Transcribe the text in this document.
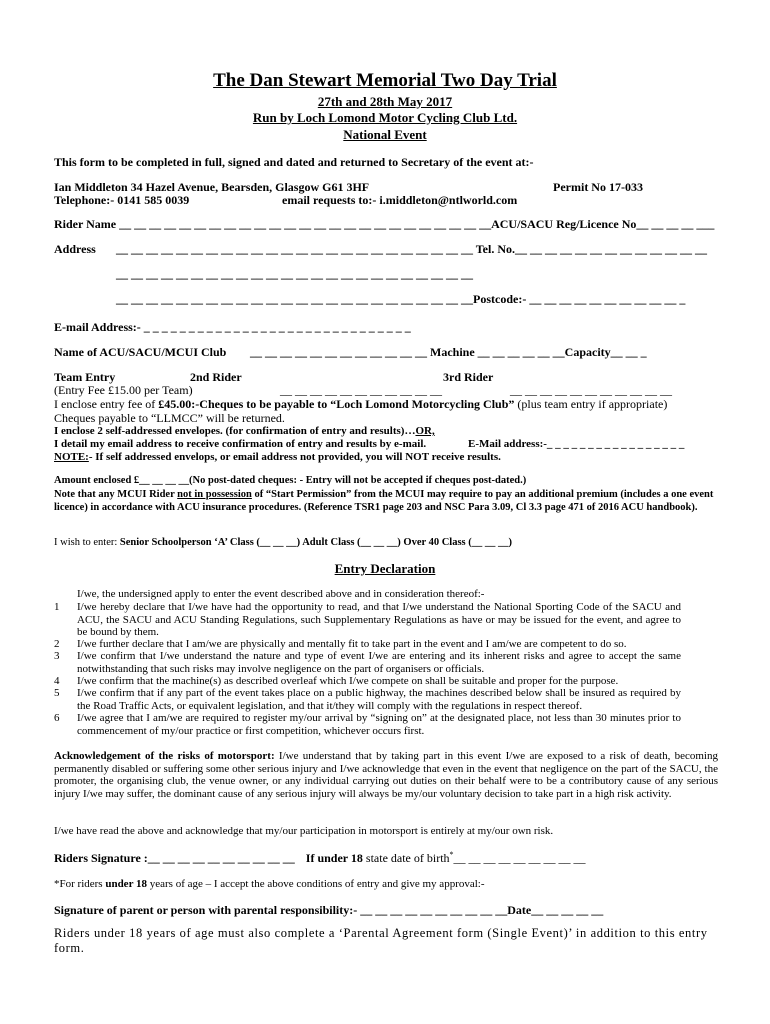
The Dan Stewart Memorial Two Day Trial
27th and 28th May 2017
Run by Loch Lomond Motor Cycling Club Ltd.
National Event
This form to be completed in full, signed and dated and returned to Secretary of the event at:-
Ian Middleton 34 Hazel Avenue, Bearsden, Glasgow G61 3HF	Permit No 17-033
Telephone:- 0141 585 0039	email requests to:- i.middleton@ntlworld.com
Rider Name __ __ __ __ __ __ __ __ __ __ __ __ __ __ __ __ __ __ __ __ __ __ __ __ __ACU/SACU Reg/Licence No__ __ __ __ ___
Address __ __ __ __ __ __ __ __ __ __ __ __ __ __ __ __ __ __ __ __ __ __ __ __ Tel. No.__ __ __ __ __ __ __ __ __ __ __ __ __
__ __ __ __ __ __ __ __ __ __ __ __ __ __ __ __ __ __ __ __ __ __ __ __
__ __ __ __ __ __ __ __ __ __ __ __ __ __ __ __ __ __ __ __ __ __ __ __Postcode:- __ __ __ __ __ __ __ __ __ __ _
E-mail Address:- _ _ _ _ _ _ _ _ _ _ _ _ _ _ _ _ _ _ _ _ _ _ _ _ _ _ _ _ _ _
Name of ACU/SACU/MCUI Club __ __ __ __ __ __ __ __ __ __ __ __ Machine __ __ __ __ __ __Capacity__ __ _
Team Entry	2nd Rider	3rd Rider
(Entry Fee £15.00 per Team)	__ __ __ __ __ __ __ __ __ __ __	__ __ __ __ __ __ __ __ __ __ __
I enclose entry fee of £45.00:-Cheques to be payable to “Loch Lomond Motorcycling Club” (plus team entry if appropriate)
Cheques payable to “LLMCC” will be returned.
I enclose 2 self-addressed envelopes. (for confirmation of entry and results)…OR,
I detail my email address to receive confirmation of entry and results by e-mail.	E-Mail address:-_ _ _ _ _ _ _ _ _ _ _ _ _ _ _ _ _
NOTE:- If self addressed envelops, or email address not provided, you will NOT receive results.
Amount enclosed £__ __ __ __(No post-dated cheques: - Entry will not be accepted if cheques post-dated.)
Note that any MCUI Rider not in possession of “Start Permission” from the MCUI may require to pay an additional premium (includes a one event licence) in accordance with ACU insurance procedures. (Reference TSR1 page 203 and NSC Para 3.09, Cl 3.3 page 471 of 2016 ACU handbook).
I wish to enter: Senior Schoolperson ‘A’ Class (__ __ __) Adult Class (__ __ __) Over 40 Class (__ __ __)
Entry Declaration
I/we, the undersigned apply to enter the event described above and in consideration thereof:-
1 I/we hereby declare that I/we have had the opportunity to read, and that I/we understand the National Sporting Code of the SACU and ACU, the SACU and ACU Standing Regulations, such Supplementary Regulations as have or may be issued for the event, and agree to be bound by them.
2 I/we further declare that I am/we are physically and mentally fit to take part in the event and I am/we are competent to do so.
3 I/we confirm that I/we understand the nature and type of event I/we are entering and its inherent risks and agree to accept the same notwithstanding that such risks may involve negligence on the part of organisers or officials.
4 I/we confirm that the machine(s) as described overleaf which I/we compete on shall be suitable and proper for the purpose.
5 I/we confirm that if any part of the event takes place on a public highway, the machines described below shall be insured as required by the Road Traffic Acts, or equivalent legislation, and that it/they will comply with the regulations in respect thereof.
6 I/we agree that I am/we are required to register my/our arrival by “signing on” at the designated place, not less than 30 minutes prior to commencement of my/our practice or first competition, whichever occurs first.
Acknowledgement of the risks of motorsport: I/we understand that by taking part in this event I/we are exposed to a risk of death, becoming permanently disabled or suffering some other serious injury and I/we acknowledge that even in the event that negligence on the part of the SACU, the promoter, the organising club, the venue owner, or any individual carrying out duties on their behalf were to be a contributory cause of any serious injury I/we may suffer, the dominant cause of any serious injury will always be my/our voluntary decision to take part in a high risk activity.
I/we have read the above and acknowledge that my/our participation in motorsport is entirely at my/our own risk.
Riders Signature :__ __ __ __ __ __ __ __ __ __ If under 18 state date of birth*__ __ __ __ __ __ __ __ __
*For riders under 18 years of age – I accept the above conditions of entry and give my approval:-
Signature of parent or person with parental responsibility:- __ __ __ __ __ __ __ __ __ __Date__ __ __ __ __
Riders under 18 years of age must also complete a ‘Parental Agreement form (Single Event)’ in addition to this entry form.
